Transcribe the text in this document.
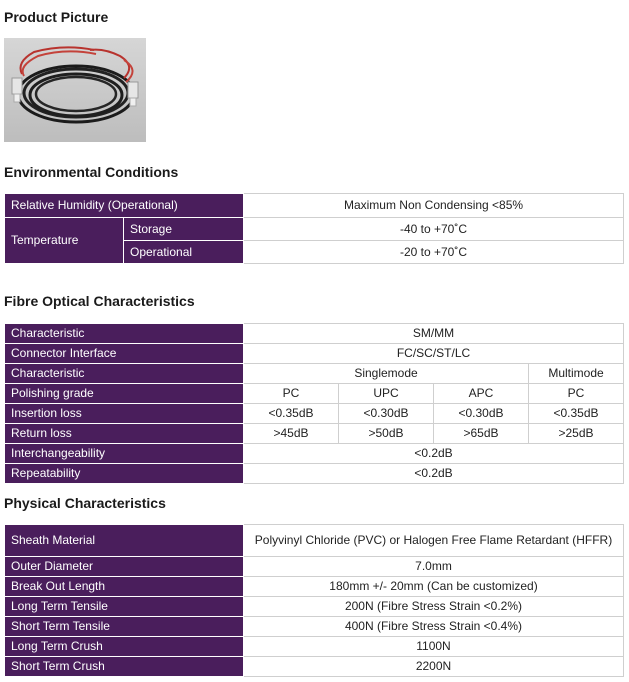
Product Picture
Environmental Conditions
Relative Humidity (Operational)		Maximum Non Condensing <85%
Temperature	Storage	-40 to +70˚C
	Operational	-20 to +70˚C
Fibre Optical Characteristics
Characteristic	SM/MM			
Connector Interface	FC/SC/ST/LC			
Characteristic	Singlemode			Multimode
Polishing grade	PC	UPC	APC	PC
Insertion loss	<0.35dB	<0.30dB	<0.30dB	<0.35dB
Return loss	>45dB	>50dB	>65dB	>25dB
Interchangeability	<0.2dB			
Repeatability	<0.2dB			
Physical Characteristics
Sheath Material	Polyvinyl Chloride (PVC) or Halogen Free Flame Retardant (HFFR)
Outer Diameter	7.0mm
Break Out Length	180mm +/- 20mm (Can be customized)
Long Term Tensile	200N (Fibre Stress Strain <0.2%)
Short Term Tensile	400N (Fibre Stress Strain <0.4%)
Long Term Crush	1100N
Short Term Crush	2200N
